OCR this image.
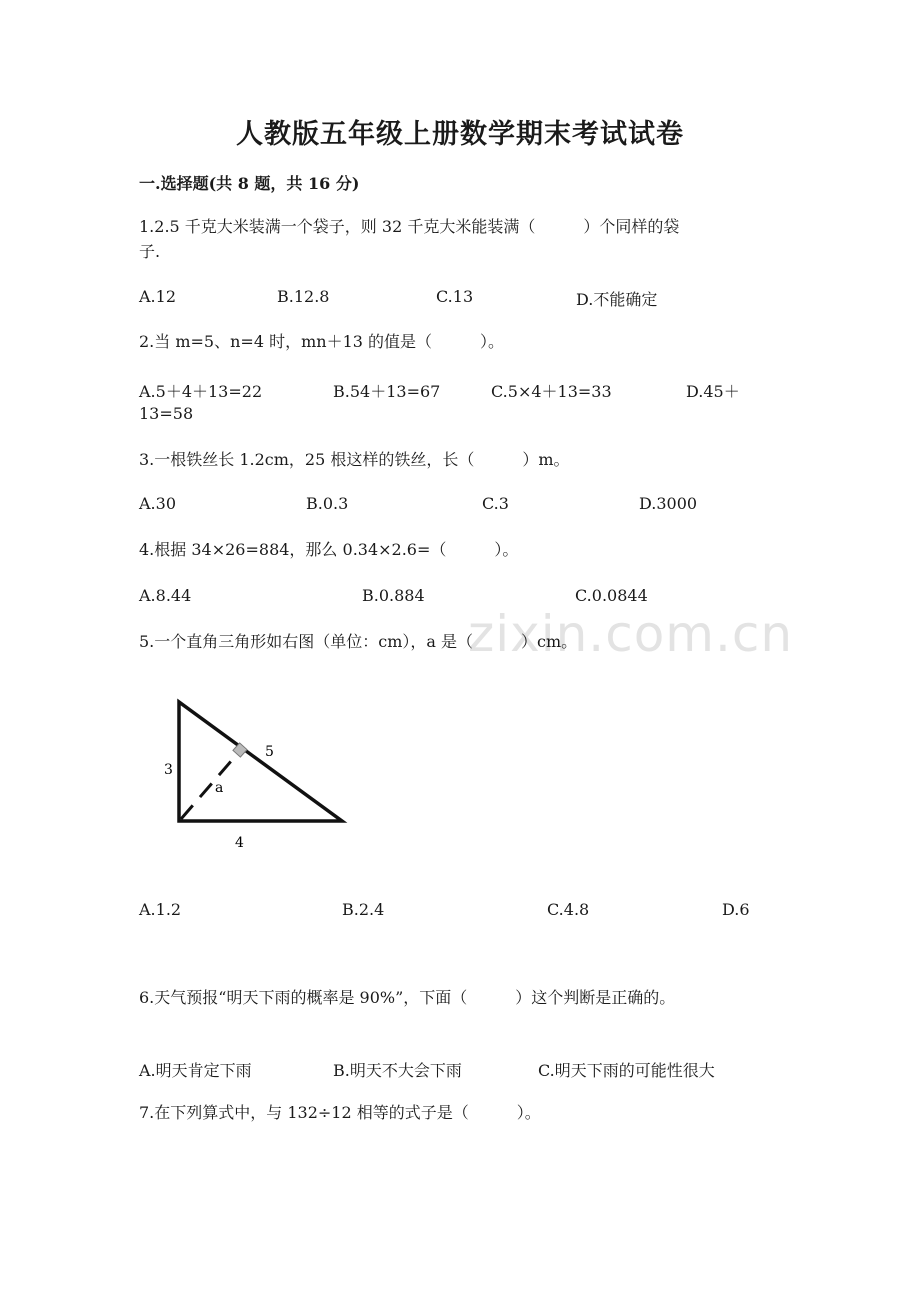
人教版五年级上册数学期末考试试卷
一.选择题(共 8 题，共 16 分)
zixin.com.cn
1.2.5 千克大米装满一个袋子，则 32 千克大米能装满（　　　）个同样的袋
子.
A.12	B.12.8	C.13	D.不能确定
2.当 m=5、n=4 时，mn＋13 的值是（　　　）。
A.5＋4＋13=22	B.54＋13=67	C.5×4＋13=33	D.45＋
13=58
3.一根铁丝长 1.2cm，25 根这样的铁丝，长（　　　）m。
A.30	B.0.3	C.3	D.3000
4.根据 34×26=884，那么 0.34×2.6=（　　　）。
A.8.44	B.0.884	C.0.0844
5.一个直角三角形如右图（单位：cm），a 是（　　　）cm。
3
5
4
a
A.1.2	B.2.4	C.4.8	D.6
6.天气预报“明天下雨的概率是 90%”，下面（　　　）这个判断是正确的。
A.明天肯定下雨	B.明天不大会下雨	C.明天下雨的可能性很大
7.在下列算式中，与 132÷12 相等的式子是（　　　）。
